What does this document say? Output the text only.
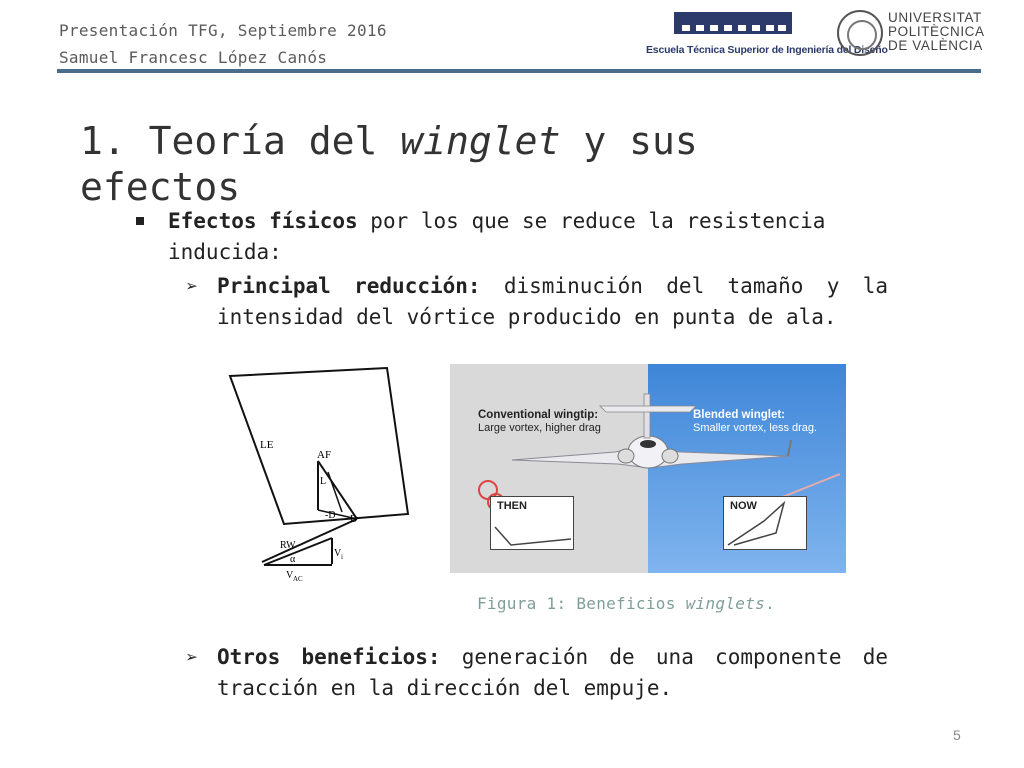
Presentación TFG, Septiembre 2016
Samuel Francesc López Canós	Escuela Técnica Superior de Ingeniería del Diseño
UNIVERSITAT
POLITÈCNICA
DE VALÈNCIA
1. Teoría del winglet y sus efectos
Efectos físicos por los que se reduce la resistencia inducida:
➢ Principal reducción: disminución del tamaño y la intensidad del vórtice producido en punta de ala.
LE
AF
L
-D D
RW
α
V i
V AC
Conventional wingtip:
Large vortex, higher drag
Blended winglet:
Smaller vortex, less drag.
THEN	NOW
Figura 1: Beneficios winglets.
➢ Otros beneficios: generación de una componente de tracción en la dirección del empuje.
5
